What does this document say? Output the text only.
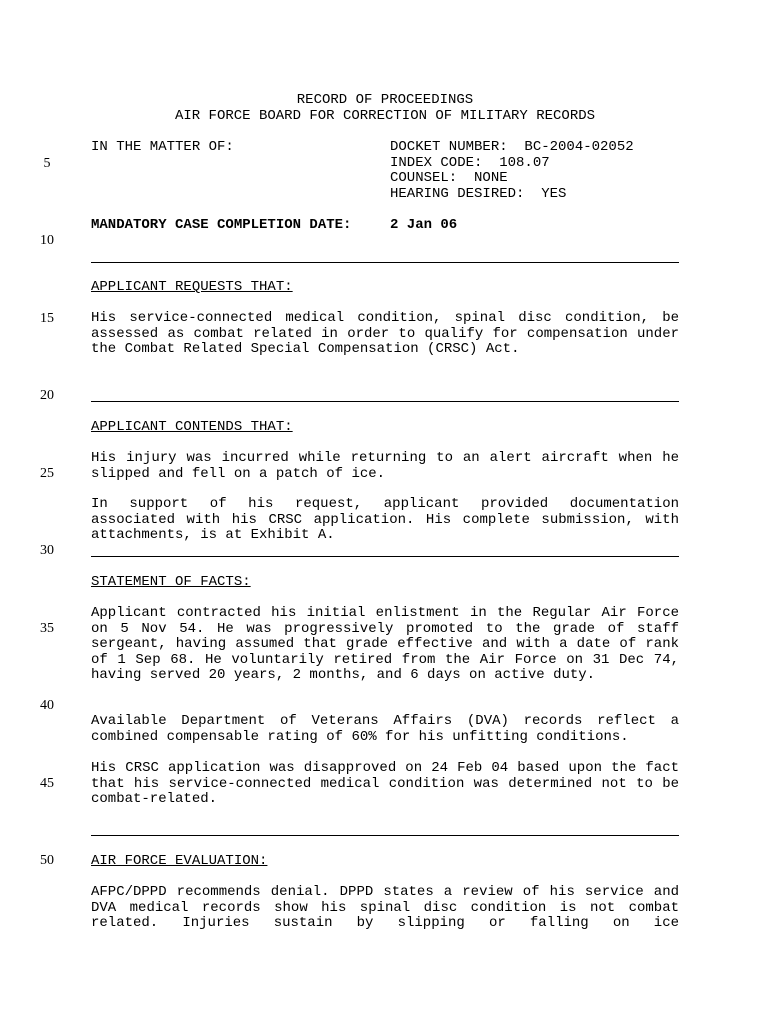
5
10
15
20
25
30
35
40
45
50
RECORD OF PROCEEDINGS
AIR FORCE BOARD FOR CORRECTION OF MILITARY RECORDS
IN THE MATTER OF:	DOCKET NUMBER:  BC-2004-02052
INDEX CODE:  108.07
COUNSEL:  NONE
HEARING DESIRED:  YES
MANDATORY CASE COMPLETION DATE:	2 Jan 06
APPLICANT REQUESTS THAT:
His service-connected medical condition, spinal disc condition, be assessed as combat related in order to qualify for compensation under the Combat Related Special Compensation (CRSC) Act.
APPLICANT CONTENDS THAT:
His injury was incurred while returning to an alert aircraft when he slipped and fell on a patch of ice.
In support of his request, applicant provided documentation associated with his CRSC application. His complete submission, with attachments, is at Exhibit A.
STATEMENT OF FACTS:
Applicant contracted his initial enlistment in the Regular Air Force on 5 Nov 54. He was progressively promoted to the grade of staff sergeant, having assumed that grade effective and with a date of rank of 1 Sep 68. He voluntarily retired from the Air Force on 31 Dec 74, having served 20 years, 2 months, and 6 days on active duty.
Available Department of Veterans Affairs (DVA) records reflect a combined compensable rating of 60% for his unfitting conditions.
His CRSC application was disapproved on 24 Feb 04 based upon the fact that his service-connected medical condition was determined not to be combat-related.
AIR FORCE EVALUATION:
AFPC/DPPD recommends denial. DPPD states a review of his service and DVA medical records show his spinal disc condition is not combat related. Injuries sustain by slipping or falling on ice
